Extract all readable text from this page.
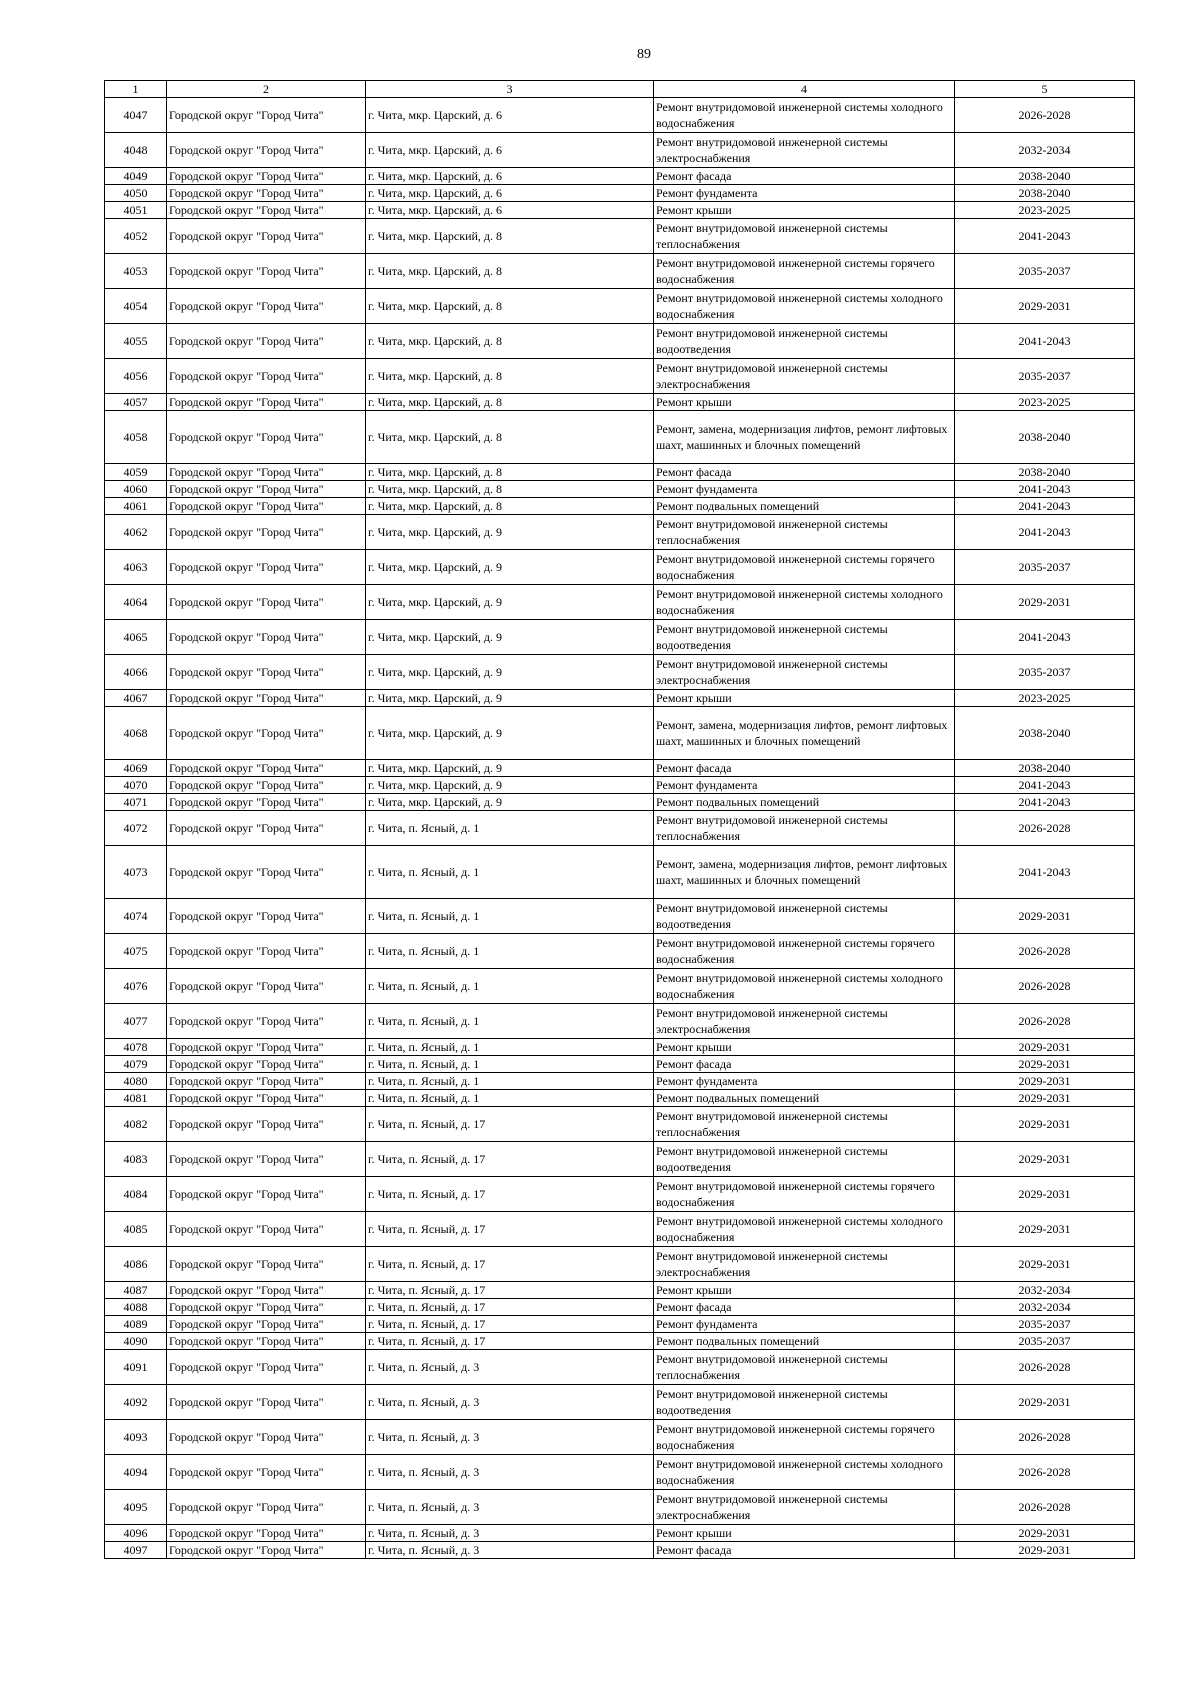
89
1	2	3	4	5
4047	Городской округ "Город Чита"	г. Чита, мкр. Царский, д. 6	Ремонт внутридомовой инженерной системы холодного водоснабжения	2026-2028
4048	Городской округ "Город Чита"	г. Чита, мкр. Царский, д. 6	Ремонт внутридомовой инженерной системы электроснабжения	2032-2034
4049	Городской округ "Город Чита"	г. Чита, мкр. Царский, д. 6	Ремонт фасада	2038-2040
4050	Городской округ "Город Чита"	г. Чита, мкр. Царский, д. 6	Ремонт фундамента	2038-2040
4051	Городской округ "Город Чита"	г. Чита, мкр. Царский, д. 6	Ремонт крыши	2023-2025
4052	Городской округ "Город Чита"	г. Чита, мкр. Царский, д. 8	Ремонт внутридомовой инженерной системы теплоснабжения	2041-2043
4053	Городской округ "Город Чита"	г. Чита, мкр. Царский, д. 8	Ремонт внутридомовой инженерной системы горячего водоснабжения	2035-2037
4054	Городской округ "Город Чита"	г. Чита, мкр. Царский, д. 8	Ремонт внутридомовой инженерной системы холодного водоснабжения	2029-2031
4055	Городской округ "Город Чита"	г. Чита, мкр. Царский, д. 8	Ремонт внутридомовой инженерной системы водоотведения	2041-2043
4056	Городской округ "Город Чита"	г. Чита, мкр. Царский, д. 8	Ремонт внутридомовой инженерной системы электроснабжения	2035-2037
4057	Городской округ "Город Чита"	г. Чита, мкр. Царский, д. 8	Ремонт крыши	2023-2025
4058	Городской округ "Город Чита"	г. Чита, мкр. Царский, д. 8	Ремонт, замена, модернизация лифтов, ремонт лифтовых шахт, машинных и блочных помещений	2038-2040
4059	Городской округ "Город Чита"	г. Чита, мкр. Царский, д. 8	Ремонт фасада	2038-2040
4060	Городской округ "Город Чита"	г. Чита, мкр. Царский, д. 8	Ремонт фундамента	2041-2043
4061	Городской округ "Город Чита"	г. Чита, мкр. Царский, д. 8	Ремонт подвальных помещений	2041-2043
4062	Городской округ "Город Чита"	г. Чита, мкр. Царский, д. 9	Ремонт внутридомовой инженерной системы теплоснабжения	2041-2043
4063	Городской округ "Город Чита"	г. Чита, мкр. Царский, д. 9	Ремонт внутридомовой инженерной системы горячего водоснабжения	2035-2037
4064	Городской округ "Город Чита"	г. Чита, мкр. Царский, д. 9	Ремонт внутридомовой инженерной системы холодного водоснабжения	2029-2031
4065	Городской округ "Город Чита"	г. Чита, мкр. Царский, д. 9	Ремонт внутридомовой инженерной системы водоотведения	2041-2043
4066	Городской округ "Город Чита"	г. Чита, мкр. Царский, д. 9	Ремонт внутридомовой инженерной системы электроснабжения	2035-2037
4067	Городской округ "Город Чита"	г. Чита, мкр. Царский, д. 9	Ремонт крыши	2023-2025
4068	Городской округ "Город Чита"	г. Чита, мкр. Царский, д. 9	Ремонт, замена, модернизация лифтов, ремонт лифтовых шахт, машинных и блочных помещений	2038-2040
4069	Городской округ "Город Чита"	г. Чита, мкр. Царский, д. 9	Ремонт фасада	2038-2040
4070	Городской округ "Город Чита"	г. Чита, мкр. Царский, д. 9	Ремонт фундамента	2041-2043
4071	Городской округ "Город Чита"	г. Чита, мкр. Царский, д. 9	Ремонт подвальных помещений	2041-2043
4072	Городской округ "Город Чита"	г. Чита, п. Ясный, д. 1	Ремонт внутридомовой инженерной системы теплоснабжения	2026-2028
4073	Городской округ "Город Чита"	г. Чита, п. Ясный, д. 1	Ремонт, замена, модернизация лифтов, ремонт лифтовых шахт, машинных и блочных помещений	2041-2043
4074	Городской округ "Город Чита"	г. Чита, п. Ясный, д. 1	Ремонт внутридомовой инженерной системы водоотведения	2029-2031
4075	Городской округ "Город Чита"	г. Чита, п. Ясный, д. 1	Ремонт внутридомовой инженерной системы горячего водоснабжения	2026-2028
4076	Городской округ "Город Чита"	г. Чита, п. Ясный, д. 1	Ремонт внутридомовой инженерной системы холодного водоснабжения	2026-2028
4077	Городской округ "Город Чита"	г. Чита, п. Ясный, д. 1	Ремонт внутридомовой инженерной системы электроснабжения	2026-2028
4078	Городской округ "Город Чита"	г. Чита, п. Ясный, д. 1	Ремонт крыши	2029-2031
4079	Городской округ "Город Чита"	г. Чита, п. Ясный, д. 1	Ремонт фасада	2029-2031
4080	Городской округ "Город Чита"	г. Чита, п. Ясный, д. 1	Ремонт фундамента	2029-2031
4081	Городской округ "Город Чита"	г. Чита, п. Ясный, д. 1	Ремонт подвальных помещений	2029-2031
4082	Городской округ "Город Чита"	г. Чита, п. Ясный, д. 17	Ремонт внутридомовой инженерной системы теплоснабжения	2029-2031
4083	Городской округ "Город Чита"	г. Чита, п. Ясный, д. 17	Ремонт внутридомовой инженерной системы водоотведения	2029-2031
4084	Городской округ "Город Чита"	г. Чита, п. Ясный, д. 17	Ремонт внутридомовой инженерной системы горячего водоснабжения	2029-2031
4085	Городской округ "Город Чита"	г. Чита, п. Ясный, д. 17	Ремонт внутридомовой инженерной системы холодного водоснабжения	2029-2031
4086	Городской округ "Город Чита"	г. Чита, п. Ясный, д. 17	Ремонт внутридомовой инженерной системы электроснабжения	2029-2031
4087	Городской округ "Город Чита"	г. Чита, п. Ясный, д. 17	Ремонт крыши	2032-2034
4088	Городской округ "Город Чита"	г. Чита, п. Ясный, д. 17	Ремонт фасада	2032-2034
4089	Городской округ "Город Чита"	г. Чита, п. Ясный, д. 17	Ремонт фундамента	2035-2037
4090	Городской округ "Город Чита"	г. Чита, п. Ясный, д. 17	Ремонт подвальных помещений	2035-2037
4091	Городской округ "Город Чита"	г. Чита, п. Ясный, д. 3	Ремонт внутридомовой инженерной системы теплоснабжения	2026-2028
4092	Городской округ "Город Чита"	г. Чита, п. Ясный, д. 3	Ремонт внутридомовой инженерной системы водоотведения	2029-2031
4093	Городской округ "Город Чита"	г. Чита, п. Ясный, д. 3	Ремонт внутридомовой инженерной системы горячего водоснабжения	2026-2028
4094	Городской округ "Город Чита"	г. Чита, п. Ясный, д. 3	Ремонт внутридомовой инженерной системы холодного водоснабжения	2026-2028
4095	Городской округ "Город Чита"	г. Чита, п. Ясный, д. 3	Ремонт внутридомовой инженерной системы электроснабжения	2026-2028
4096	Городской округ "Город Чита"	г. Чита, п. Ясный, д. 3	Ремонт крыши	2029-2031
4097	Городской округ "Город Чита"	г. Чита, п. Ясный, д. 3	Ремонт фасада	2029-2031
